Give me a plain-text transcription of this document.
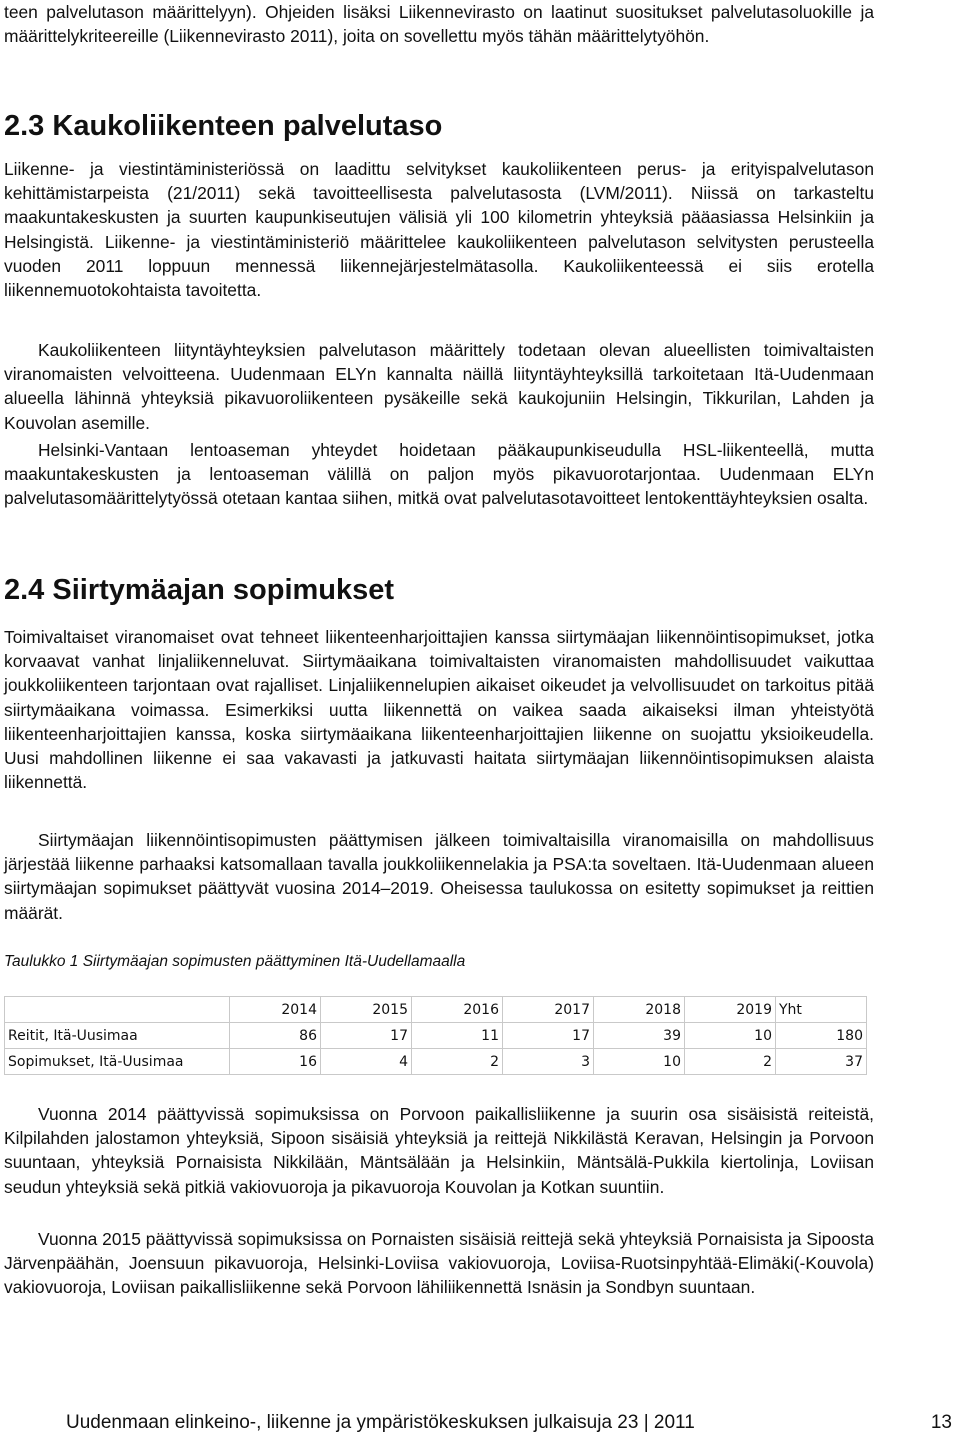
teen palvelutason määrittelyyn). Ohjeiden lisäksi Liikennevirasto on laatinut suositukset palvelutasoluokille ja määrittelykriteereille (Liikennevirasto 2011), joita on sovellettu myös tähän määrittelytyöhön.

2.3 Kaukoliikenteen palvelutaso

Liikenne- ja viestintäministeriössä on laadittu selvitykset kaukoliikenteen perus- ja erityispalvelutason kehittämistarpeista (21/2011) sekä tavoitteellisesta palvelutasosta (LVM/2011). Niissä on tarkasteltu maakuntakeskusten ja suurten kaupunkiseutujen välisiä yli 100 kilometrin yhteyksiä pääasiassa Helsinkiin ja Helsingistä. Liikenne- ja viestintäministeriö määrittelee kaukoliikenteen palvelutason selvitysten perusteella vuoden 2011 loppuun mennessä liikennejärjestelmätasolla. Kaukoliikenteessä ei siis erotella liikennemuotokohtaista tavoitetta.

Kaukoliikenteen liityntäyhteyksien palvelutason määrittely todetaan olevan alueellisten toimivaltaisten viranomaisten velvoitteena. Uudenmaan ELYn kannalta näillä liityntäyhteyksillä tarkoitetaan Itä-Uudenmaan alueella lähinnä yhteyksiä pikavuoroliikenteen pysäkeille sekä kaukojuniin Helsingin, Tikkurilan, Lahden ja Kouvolan asemille.

Helsinki-Vantaan lentoaseman yhteydet hoidetaan pääkaupunkiseudulla HSL-liikenteellä, mutta maakuntakeskusten ja lentoaseman välillä on paljon myös pikavuorotarjontaa. Uudenmaan ELYn palvelutasomäärittelytyössä otetaan kantaa siihen, mitkä ovat palvelutasotavoitteet lentokenttäyhteyksien osalta.

2.4 Siirtymäajan sopimukset

Toimivaltaiset viranomaiset ovat tehneet liikenteenharjoittajien kanssa siirtymäajan liikennöintisopimukset, jotka korvaavat vanhat linjaliikenneluvat. Siirtymäaikana toimivaltaisten viranomaisten mahdollisuudet vaikuttaa joukkoliikenteen tarjontaan ovat rajalliset. Linjaliikennelupien aikaiset oikeudet ja velvollisuudet on tarkoitus pitää siirtymäaikana voimassa. Esimerkiksi uutta liikennettä on vaikea saada aikaiseksi ilman yhteistyötä liikenteenharjoittajien kanssa, koska siirtymäaikana liikenteenharjoittajien liikenne on suojattu yksioikeudella. Uusi mahdollinen liikenne ei saa vakavasti ja jatkuvasti haitata siirtymäajan liikennöintisopimuksen alaista liikennettä.

Siirtymäajan liikennöintisopimusten päättymisen jälkeen toimivaltaisilla viranomaisilla on mahdollisuus järjestää liikenne parhaaksi katsomallaan tavalla joukkoliikennelakia ja PSA:ta soveltaen. Itä-Uudenmaan alueen siirtymäajan sopimukset päättyvät vuosina 2014–2019. Oheisessa taulukossa on esitetty sopimukset ja reittien määrät.

Taulukko 1 Siirtymäajan sopimusten päättyminen Itä-Uudellamaalla
	2014	2015	2016	2017	2018	2019	Yht
Reitit, Itä-Uusimaa	86	17	11	17	39	10	180
Sopimukset, Itä-Uusimaa	16	4	2	3	10	2	37

Vuonna 2014 päättyvissä sopimuksissa on Porvoon paikallisliikenne ja suurin osa sisäisistä reiteistä, Kilpilahden jalostamon yhteyksiä, Sipoon sisäisiä yhteyksiä ja reittejä Nikkilästä Keravan, Helsingin ja Porvoon suuntaan, yhteyksiä Pornaisista Nikkilään, Mäntsälään ja Helsinkiin, Mäntsälä-Pukkila kiertolinja, Loviisan seudun yhteyksiä sekä pitkiä vakiovuoroja ja pikavuoroja Kouvolan ja Kotkan suuntiin.

Vuonna 2015 päättyvissä sopimuksissa on Pornaisten sisäisiä reittejä sekä yhteyksiä Pornaisista ja Sipoosta Järvenpäähän, Joensuun pikavuoroja, Helsinki-Loviisa vakiovuoroja, Loviisa-Ruotsinpyhtää-Elimäki(-Kouvola) vakiovuoroja, Loviisan paikallisliikenne sekä Porvoon lähiliikennettä Isnäsin ja Sondbyn suuntaan.

Uudenmaan elinkeino-, liikenne ja ympäristökeskuksen julkaisuja 23 | 2011	13
